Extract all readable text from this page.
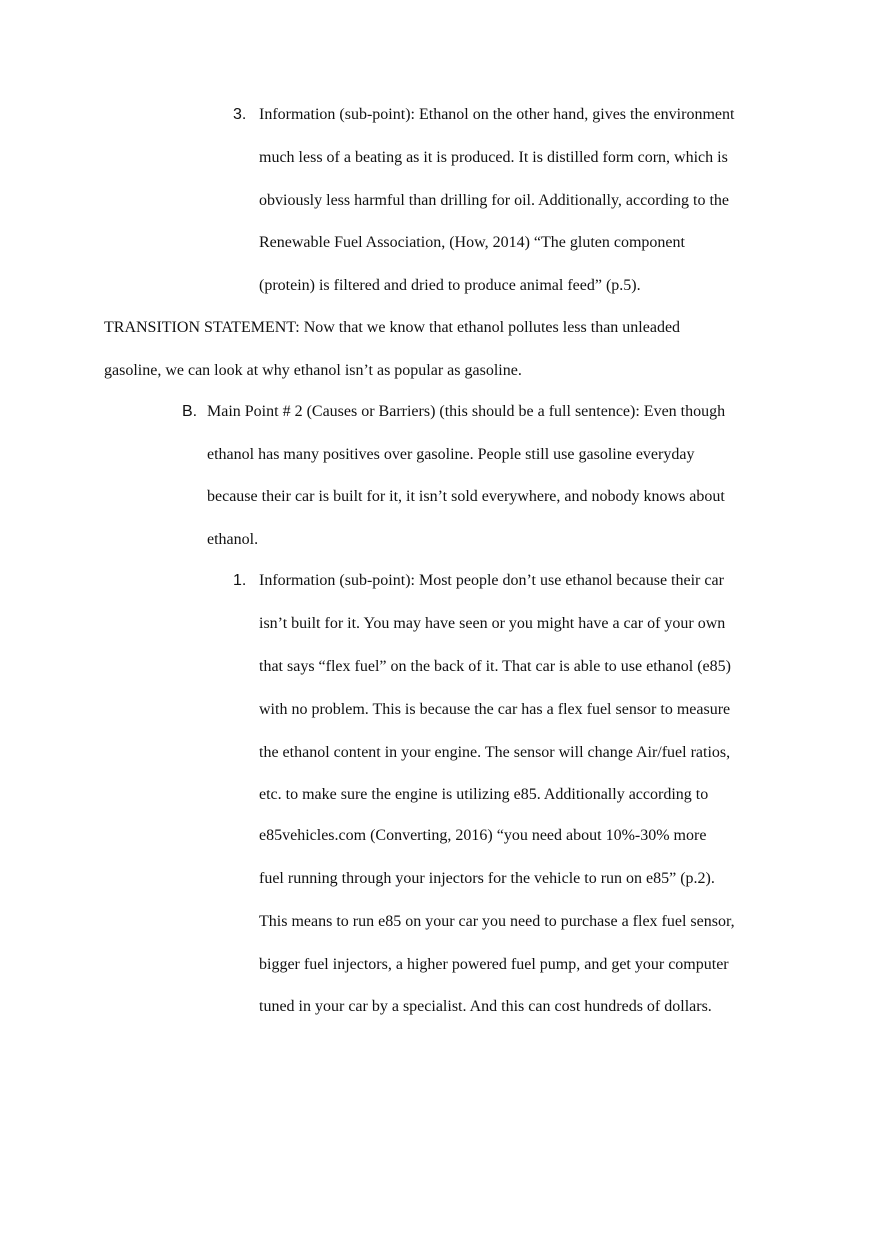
3. Information (sub-point): Ethanol on the other hand, gives the environment
much less of a beating as it is produced. It is distilled form corn, which is
obviously less harmful than drilling for oil. Additionally, according to the
Renewable Fuel Association, (How, 2014) “The gluten component
(protein) is filtered and dried to produce animal feed” (p.5).
TRANSITION STATEMENT: Now that we know that ethanol pollutes less than unleaded
gasoline, we can look at why ethanol isn’t as popular as gasoline.
B. Main Point # 2 (Causes or Barriers) (this should be a full sentence): Even though
ethanol has many positives over gasoline. People still use gasoline everyday
because their car is built for it, it isn’t sold everywhere, and nobody knows about
ethanol.
1. Information (sub-point): Most people don’t use ethanol because their car
isn’t built for it. You may have seen or you might have a car of your own
that says “flex fuel” on the back of it. That car is able to use ethanol (e85)
with no problem. This is because the car has a flex fuel sensor to measure
the ethanol content in your engine. The sensor will change Air/fuel ratios,
etc. to make sure the engine is utilizing e85. Additionally according to
e85vehicles.com (Converting, 2016) “you need about 10%-30% more
fuel running through your injectors for the vehicle to run on e85” (p.2).
This means to run e85 on your car you need to purchase a flex fuel sensor,
bigger fuel injectors, a higher powered fuel pump, and get your computer
tuned in your car by a specialist. And this can cost hundreds of dollars.
